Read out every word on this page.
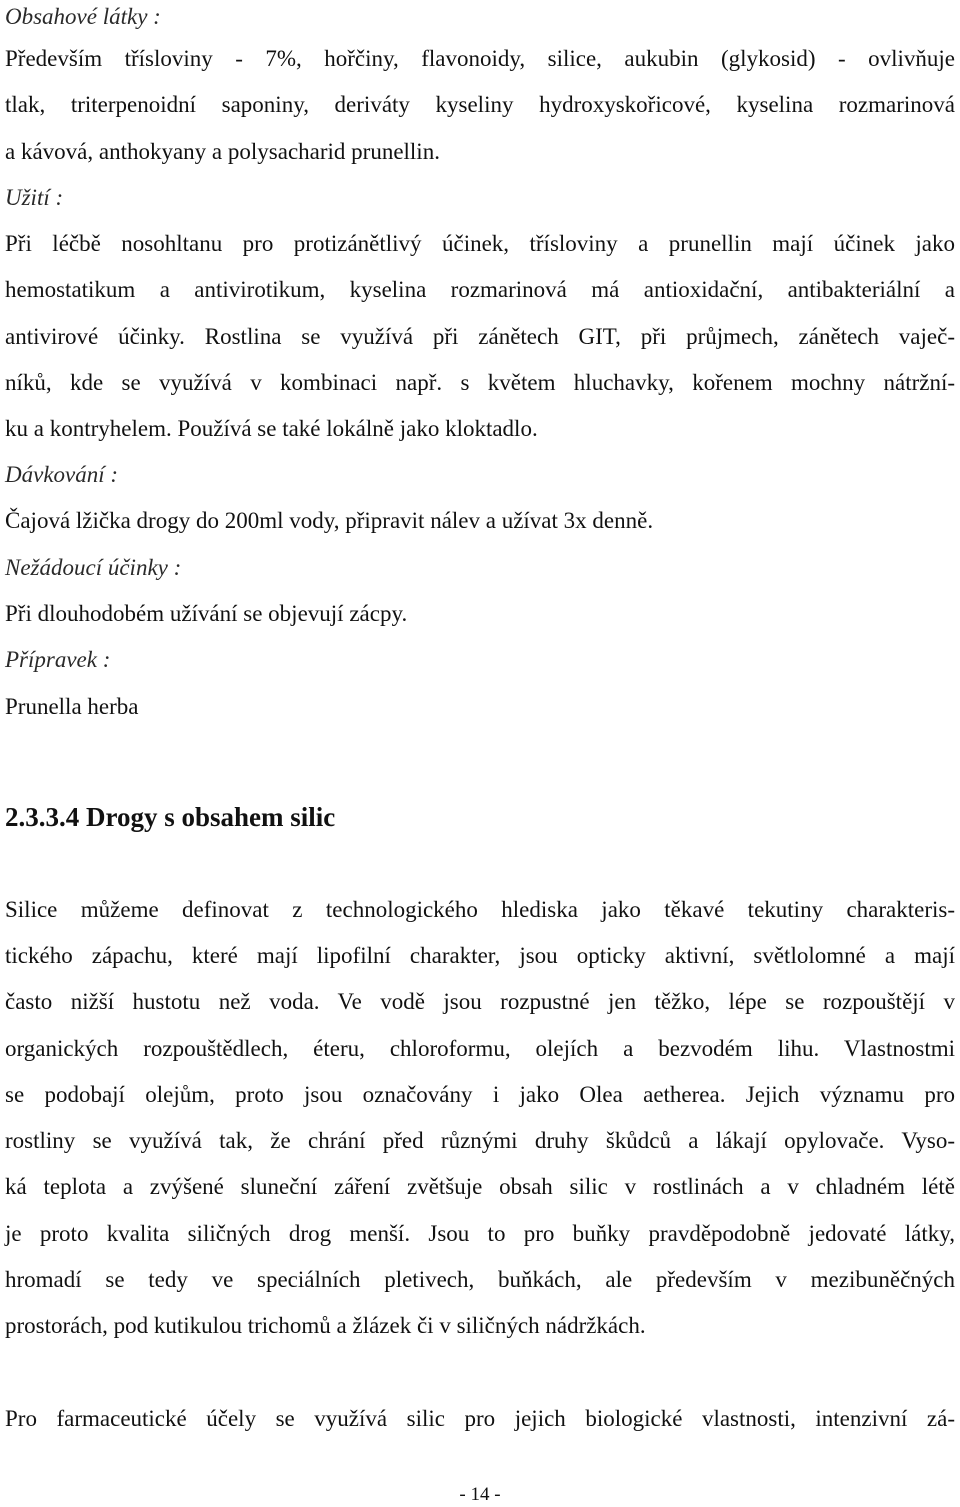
Obsahové látky :
Především třísloviny - 7%, hořčiny, flavonoidy, silice, aukubin (glykosid) - ovlivňuje
tlak, triterpenoidní saponiny, deriváty kyseliny hydroxyskořicové, kyselina rozmarinová
a kávová, anthokyany a polysacharid prunellin.
Užití :
Při léčbě nosohltanu pro protizánětlivý účinek, třísloviny a prunellin mají účinek jako
hemostatikum a antivirotikum, kyselina rozmarinová má antioxidační, antibakteriální a
antivirové účinky. Rostlina se využívá při zánětech GIT, při průjmech, zánětech vaječ-
níků, kde se využívá v kombinaci např. s květem hluchavky, kořenem mochny nátržní-
ku a kontryhelem. Používá se také lokálně jako kloktadlo.
Dávkování :
Čajová lžička drogy do 200ml vody, připravit nálev a užívat 3x denně.
Nežádoucí účinky :
Při dlouhodobém užívání se objevují zácpy.
Přípravek :
Prunella herba
2.3.3.4 Drogy s obsahem silic
Silice můžeme definovat z technologického hlediska jako těkavé tekutiny charakteris-
tického zápachu, které mají lipofilní charakter, jsou opticky aktivní, světlolomné a mají
často nižší hustotu než voda. Ve vodě jsou rozpustné jen těžko, lépe se rozpouštějí v
organických rozpouštědlech, éteru, chloroformu, olejích a bezvodém lihu. Vlastnostmi
se podobají olejům, proto jsou označovány i jako Olea aetherea. Jejich významu pro
rostliny se využívá tak, že chrání před různými druhy škůdců a lákají opylovače. Vyso-
ká teplota a zvýšené sluneční záření zvětšuje obsah silic v rostlinách a v chladném létě
je proto kvalita siličných drog menší. Jsou to pro buňky pravděpodobně jedovaté látky,
hromadí se tedy ve speciálních pletivech, buňkách, ale především v mezibuněčných
prostorách, pod kutikulou trichomů a žlázek či v siličných nádržkách.
Pro farmaceutické účely se využívá silic pro jejich biologické vlastnosti, intenzivní zá-
- 14 -
